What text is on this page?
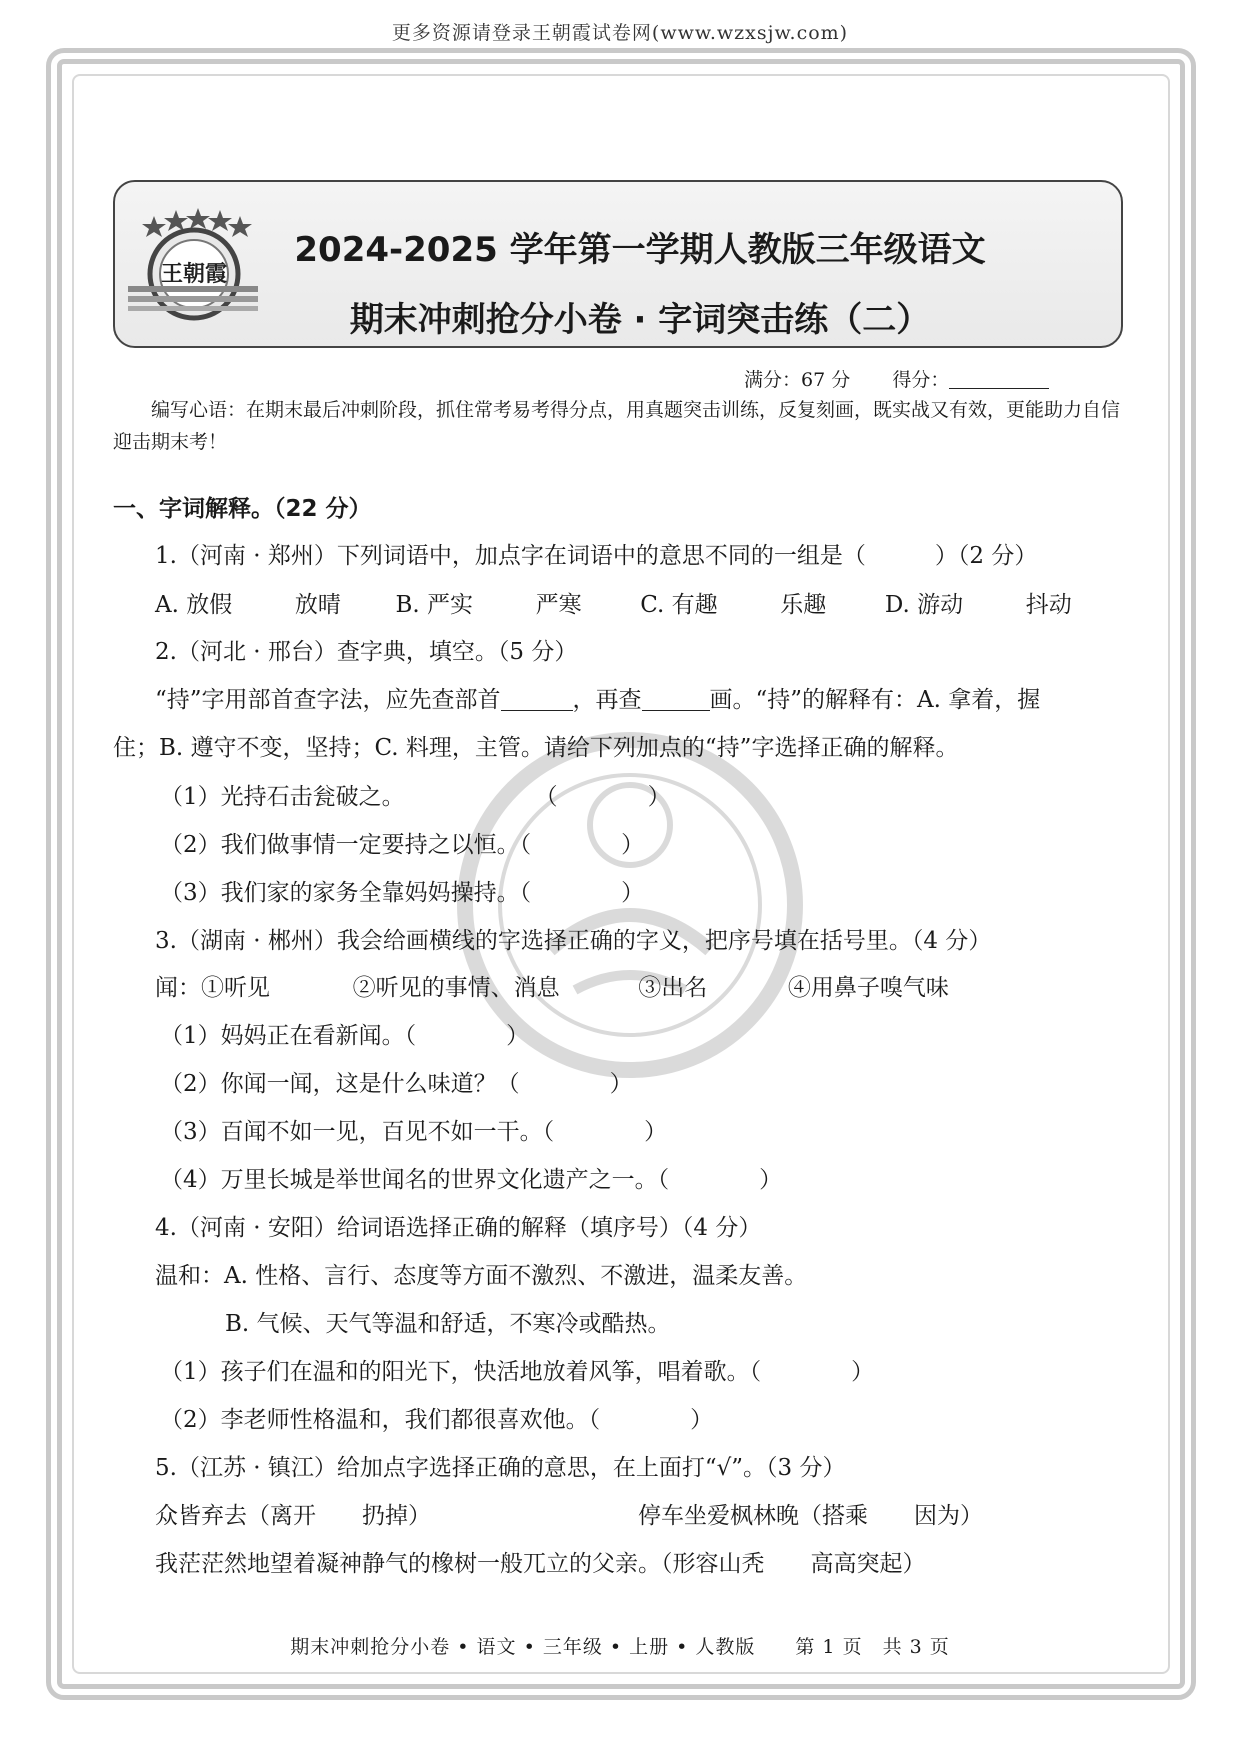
更多资源请登录王朝霞试卷网(www.wzxsjw.com)
王朝霞
2024-2025 学年第一学期人教版三年级语文
期末冲刺抢分小卷 · 字词突击练（二）
满分：67 分 得分：
编写心语：在期末最后冲刺阶段，抓住常考易考得分点，用真题突击训练，反复刻画，既实战又有效，更能助力自信迎击期末考！
一、字词解释。（22 分）
1.（河南 · 郑州）下列词语中，加点字在词语中的意思不同的一组是（　　　）（2 分）
A. 放假	放晴 B. 严实	严寒	C. 有趣	乐趣	D. 游动	抖动
2.（河北 · 邢台）查字典，填空。（5 分）
“持”字用部首查字法，应先查部首	，再查	画。“持”的解释有：A. 拿着，握
住；B. 遵守不变，坚持；C. 料理，主管。请给下列加点的“持”字选择正确的解释。
（1）光持石击瓮破之。	（	）
（2）我们做事情一定要持之以恒。（	）
（3）我们家的家务全靠妈妈操持。（	）
3.（湖南 · 郴州）我会给画横线的字选择正确的字义，把序号填在括号里。（4 分）
闻：①听见	②听见的事情、消息	③出名	④用鼻子嗅气味
（1）妈妈正在看新闻。（	）
（2）你闻一闻，这是什么味道？（	）
（3）百闻不如一见，百见不如一干。（	）
（4）万里长城是举世闻名的世界文化遗产之一。（	）
4.（河南 · 安阳）给词语选择正确的解释（填序号）（4 分）
温和：A. 性格、言行、态度等方面不激烈、不激进，温柔友善。
B. 气候、天气等温和舒适，不寒冷或酷热。
（1）孩子们在温和的阳光下，快活地放着风筝，唱着歌。（	）
（2）李老师性格温和，我们都很喜欢他。（	）
5.（江苏 · 镇江）给加点字选择正确的意思，在上面打“√”。（3 分）
众皆弃去（离开　　扔掉）	停车坐爱枫林晚（搭乘　　因为）
我茫茫然地望着凝神静气的橡树一般兀立的父亲。（形容山秃　　高高突起）
期末冲刺抢分小卷 • 语文 • 三年级 • 上册 • 人教版　　第 1 页　共 3 页
